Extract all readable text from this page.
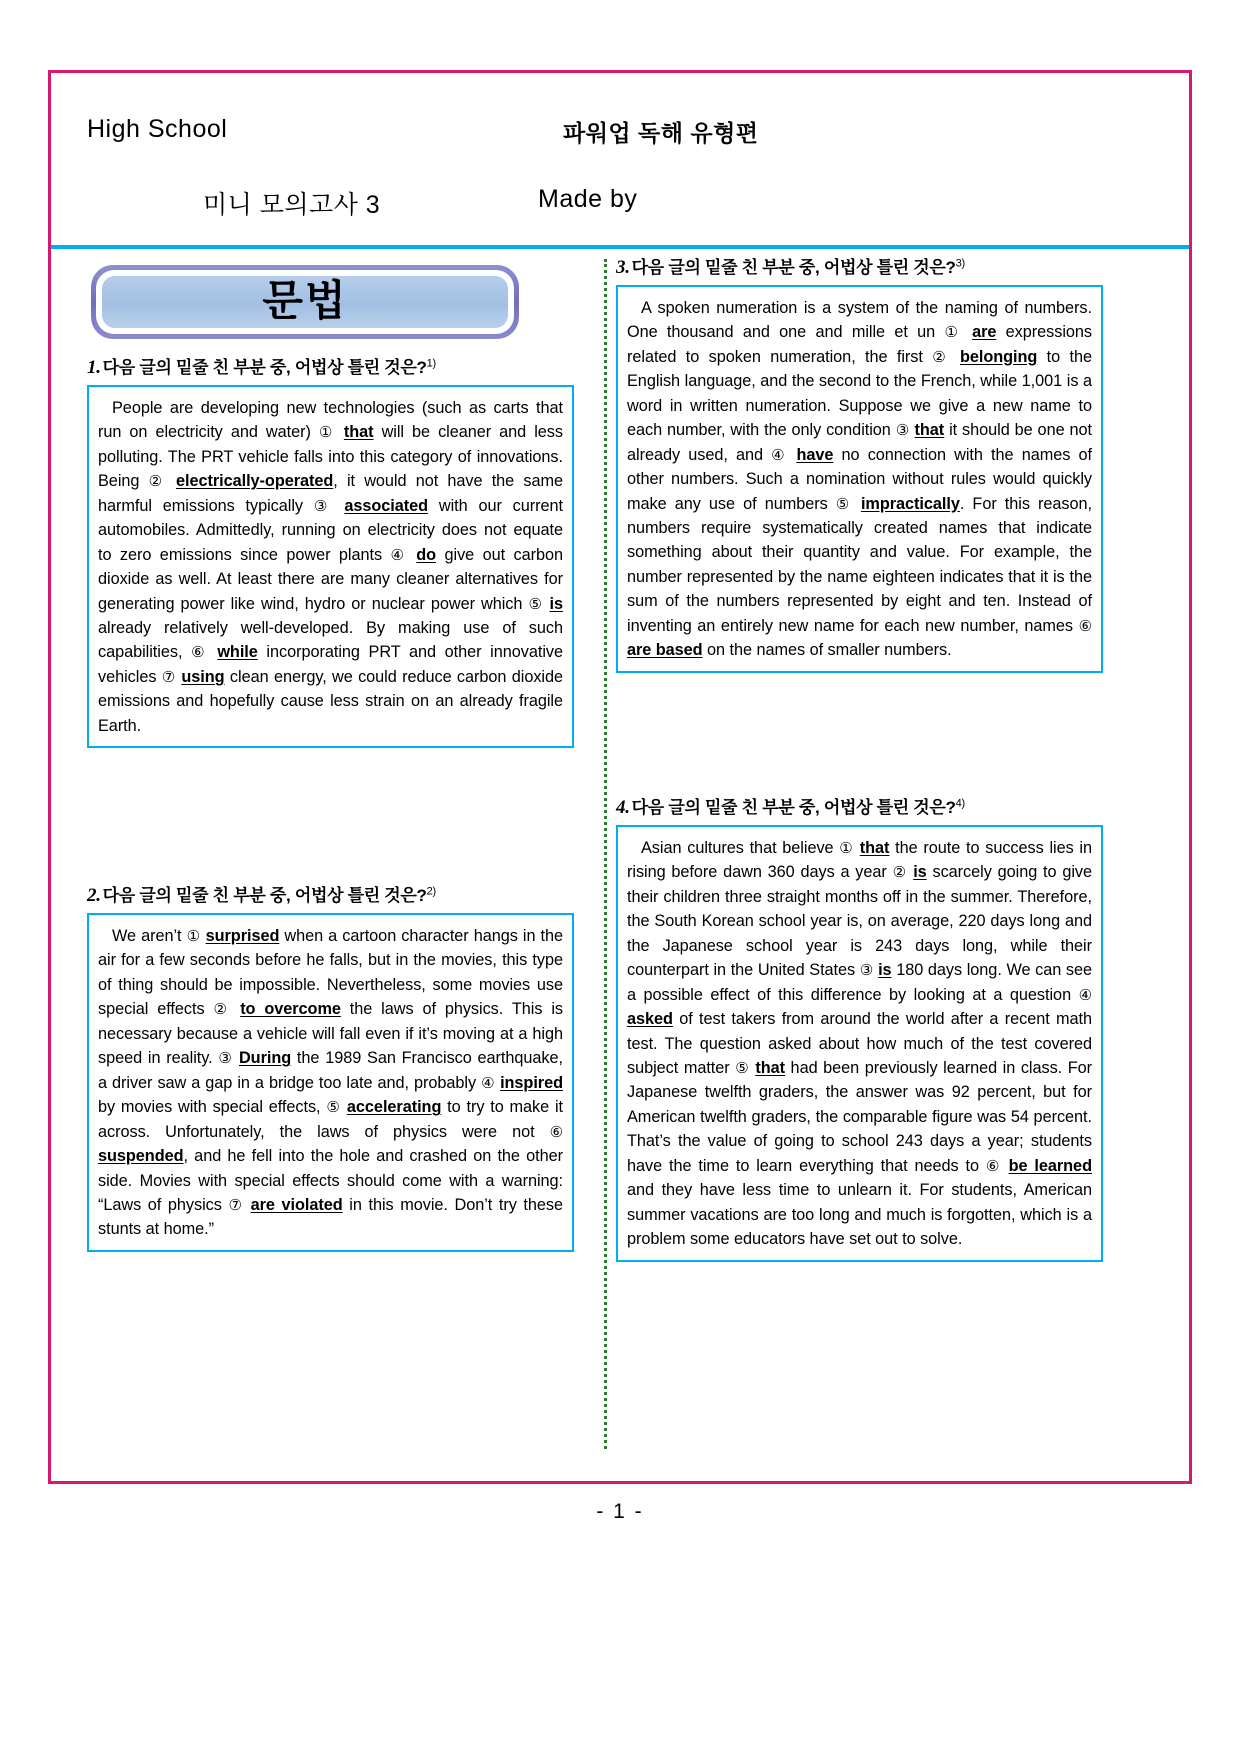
High School	파워업 독해 유형편
미니 모의고사 3	Made by
문법
1. 다음 글의 밑줄 친 부분 중, 어법상 틀린 것은?$^{1)}$
People are developing new technologies (such as carts that run on electricity and water) ① that will be cleaner and less polluting. The PRT vehicle falls into this category of innovations. Being ② electrically-operated, it would not have the same harmful emissions typically ③ associated with our current automobiles. Admittedly, running on electricity does not equate to zero emissions since power plants ④ do give out carbon dioxide as well. At least there are many cleaner alternatives for generating power like wind, hydro or nuclear power which ⑤ is already relatively well-developed. By making use of such capabilities, ⑥ while incorporating PRT and other innovative vehicles ⑦ using clean energy, we could reduce carbon dioxide emissions and hopefully cause less strain on an already fragile Earth.
2. 다음 글의 밑줄 친 부분 중, 어법상 틀린 것은?$^{2)}$
We aren’t ① surprised when a cartoon character hangs in the air for a few seconds before he falls, but in the movies, this type of thing should be impossible. Nevertheless, some movies use special effects ② to overcome the laws of physics. This is necessary because a vehicle will fall even if it’s moving at a high speed in reality. ③ During the 1989 San Francisco earthquake, a driver saw a gap in a bridge too late and, probably ④ inspired by movies with special effects, ⑤ accelerating to try to make it across. Unfortunately, the laws of physics were not ⑥ suspended, and he fell into the hole and crashed on the other side. Movies with special effects should come with a warning: “Laws of physics ⑦ are violated in this movie. Don’t try these stunts at home.”
3. 다음 글의 밑줄 친 부분 중, 어법상 틀린 것은?$^{3)}$
A spoken numeration is a system of the naming of numbers. One thousand and one and mille et un ① are expressions related to spoken numeration, the first ② belonging to the English language, and the second to the French, while 1,001 is a word in written numeration. Suppose we give a new name to each number, with the only condition ③ that it should be one not already used, and ④ have no connection with the names of other numbers. Such a nomination without rules would quickly make any use of numbers ⑤ impractically. For this reason, numbers require systematically created names that indicate something about their quantity and value. For example, the number represented by the name eighteen indicates that it is the sum of the numbers represented by eight and ten. Instead of inventing an entirely new name for each new number, names ⑥ are based on the names of smaller numbers.
4. 다음 글의 밑줄 친 부분 중, 어법상 틀린 것은?$^{4)}$
Asian cultures that believe ① that the route to success lies in rising before dawn 360 days a year ② is scarcely going to give their children three straight months off in the summer. Therefore, the South Korean school year is, on average, 220 days long and the Japanese school year is 243 days long, while their counterpart in the United States ③ is 180 days long. We can see a possible effect of this difference by looking at a question ④ asked of test takers from around the world after a recent math test. The question asked about how much of the test covered subject matter ⑤ that had been previously learned in class. For Japanese twelfth graders, the answer was 92 percent, but for American twelfth graders, the comparable figure was 54 percent. That’s the value of going to school 243 days a year; students have the time to learn everything that needs to ⑥ be learned and they have less time to unlearn it. For students, American summer vacations are too long and much is forgotten, which is a problem some educators have set out to solve.
- 1 -
